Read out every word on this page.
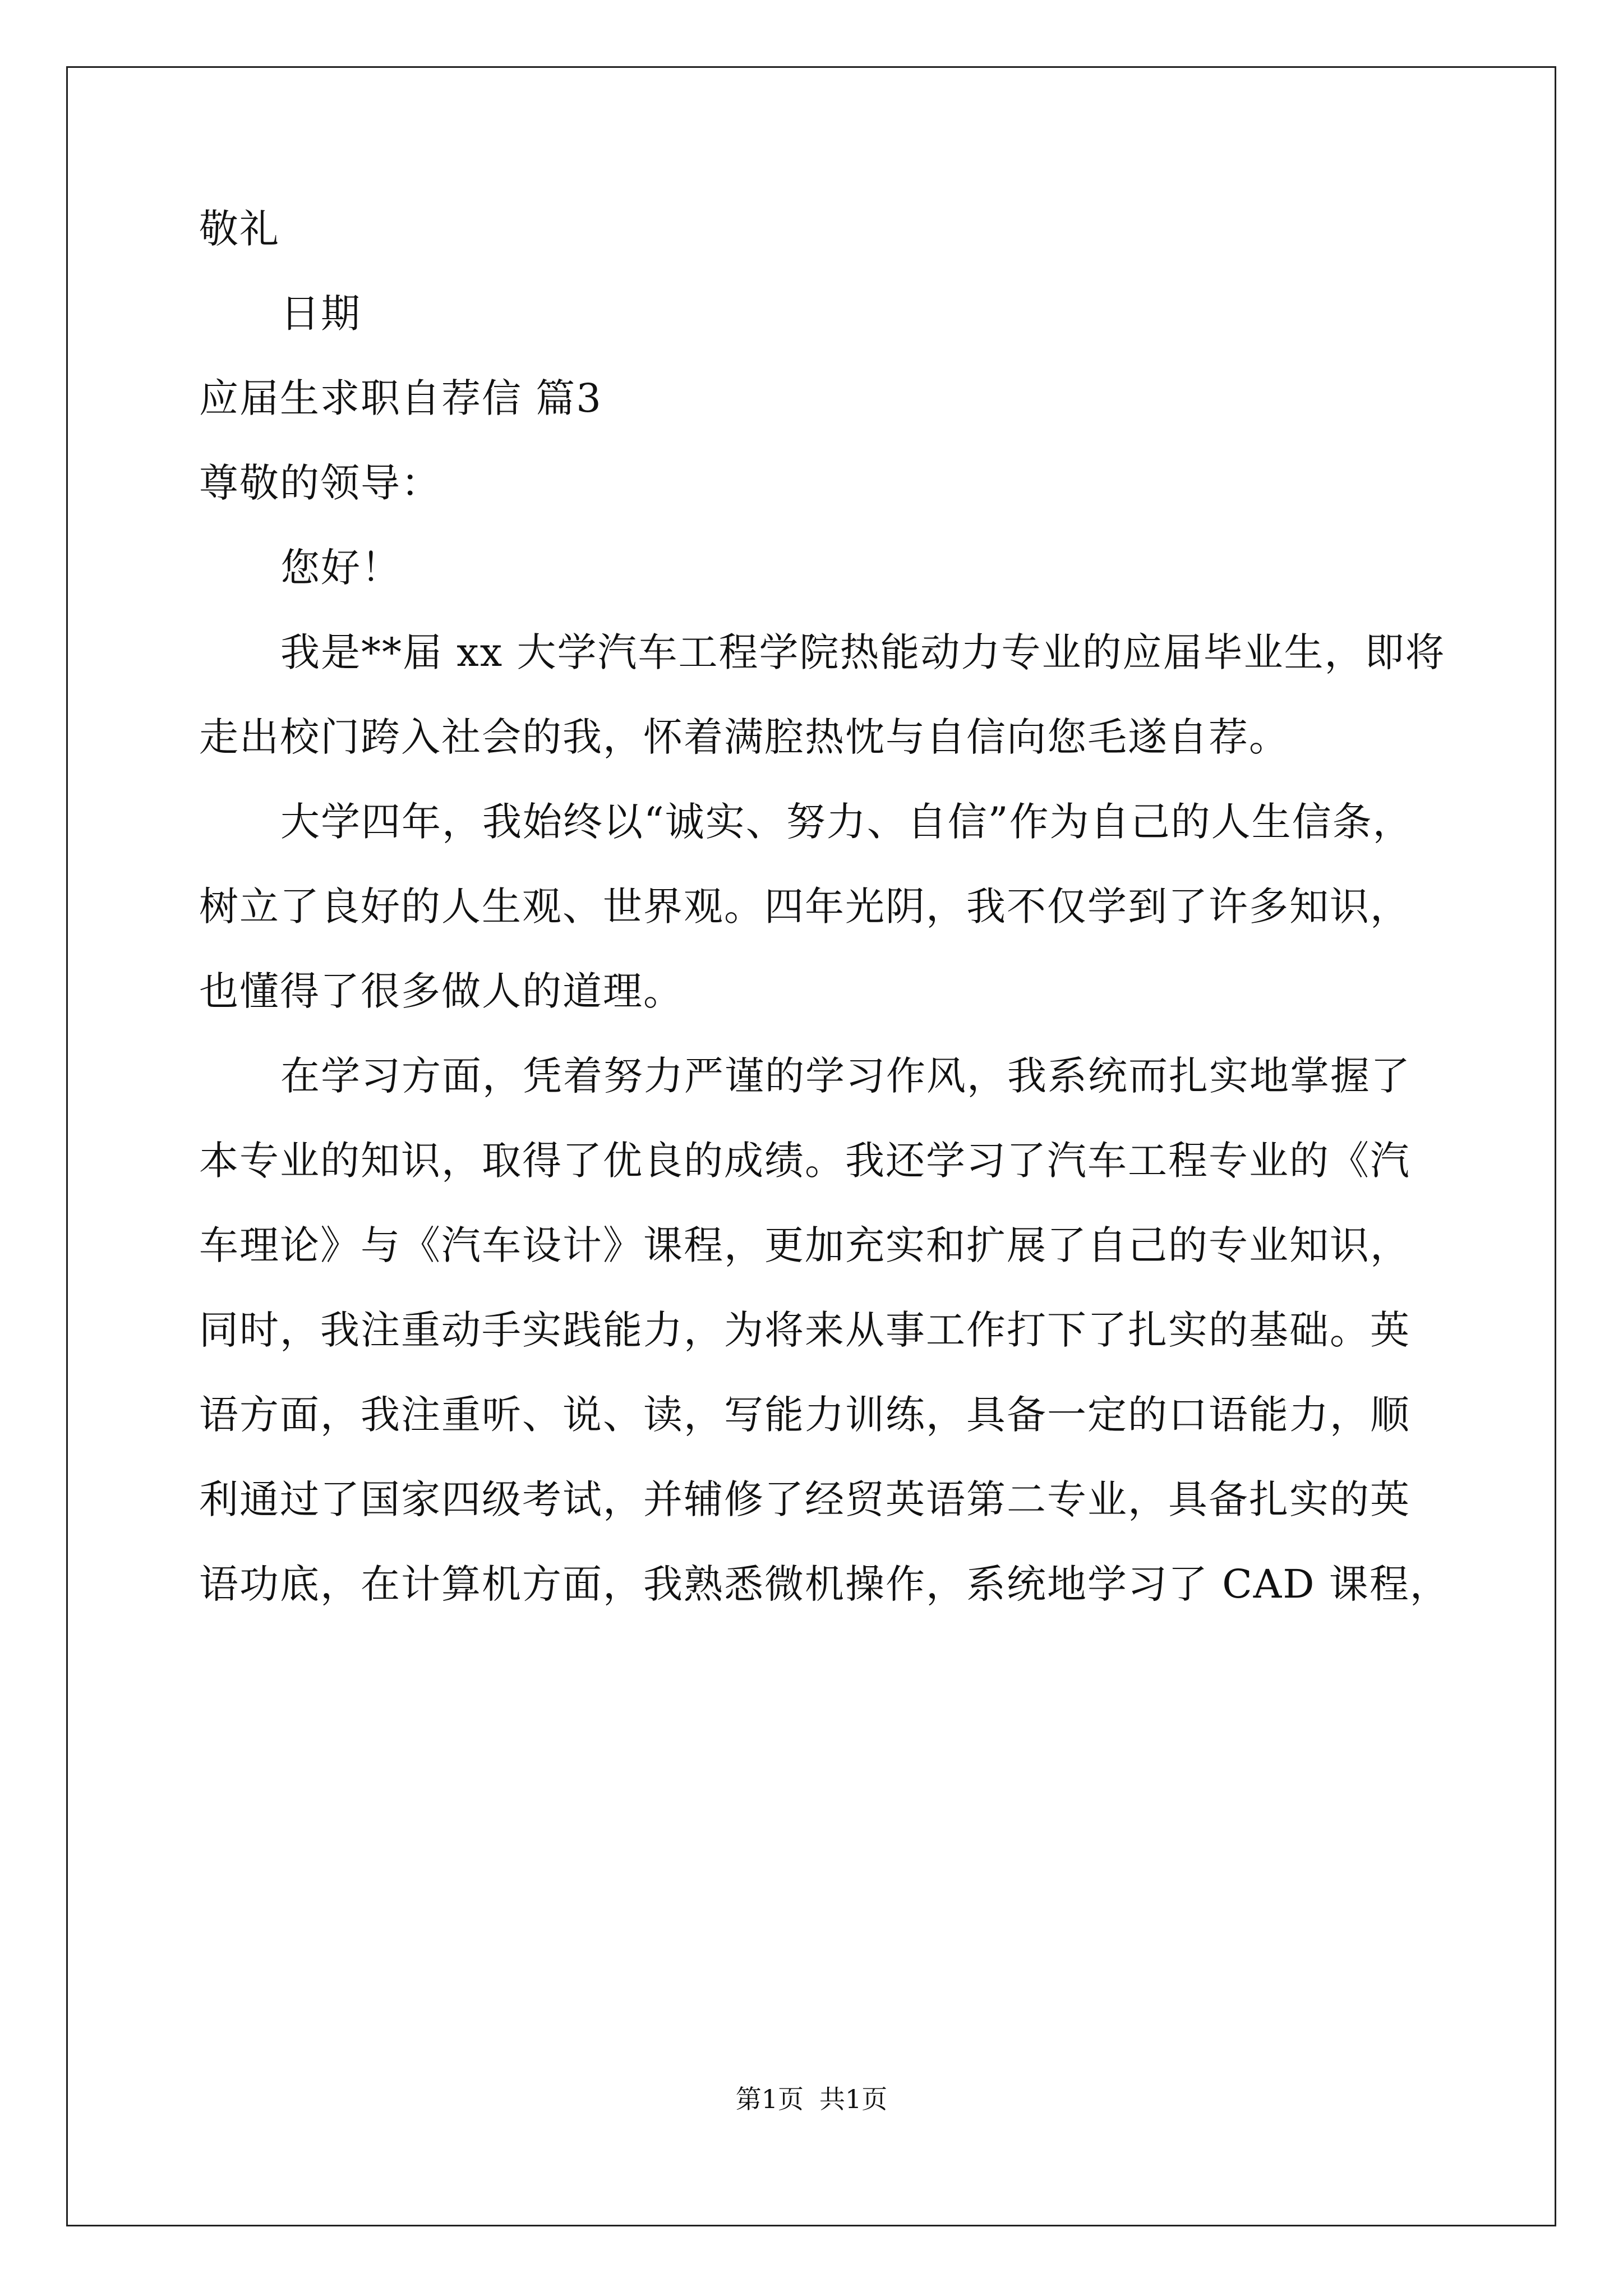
敬礼

日期

应届生求职自荐信 篇3

尊敬的领导：

您好！

我是**届 xx 大学汽车工程学院热能动力专业的应届毕业生，即将

走出校门跨入社会的我，怀着满腔热忱与自信向您毛遂自荐。

大学四年，我始终以“诚实、努力、自信”作为自己的人生信条，

树立了良好的人生观、世界观。四年光阴，我不仅学到了许多知识，

也懂得了很多做人的道理。

在学习方面，凭着努力严谨的学习作风，我系统而扎实地掌握了

本专业的知识，取得了优良的成绩。我还学习了汽车工程专业的《汽

车理论》与《汽车设计》课程，更加充实和扩展了自己的专业知识，

同时，我注重动手实践能力，为将来从事工作打下了扎实的基础。英

语方面，我注重听、说、读，写能力训练，具备一定的口语能力，顺

利通过了国家四级考试，并辅修了经贸英语第二专业，具备扎实的英

语功底，在计算机方面，我熟悉微机操作，系统地学习了 CAD 课程，

第1页 共1页
